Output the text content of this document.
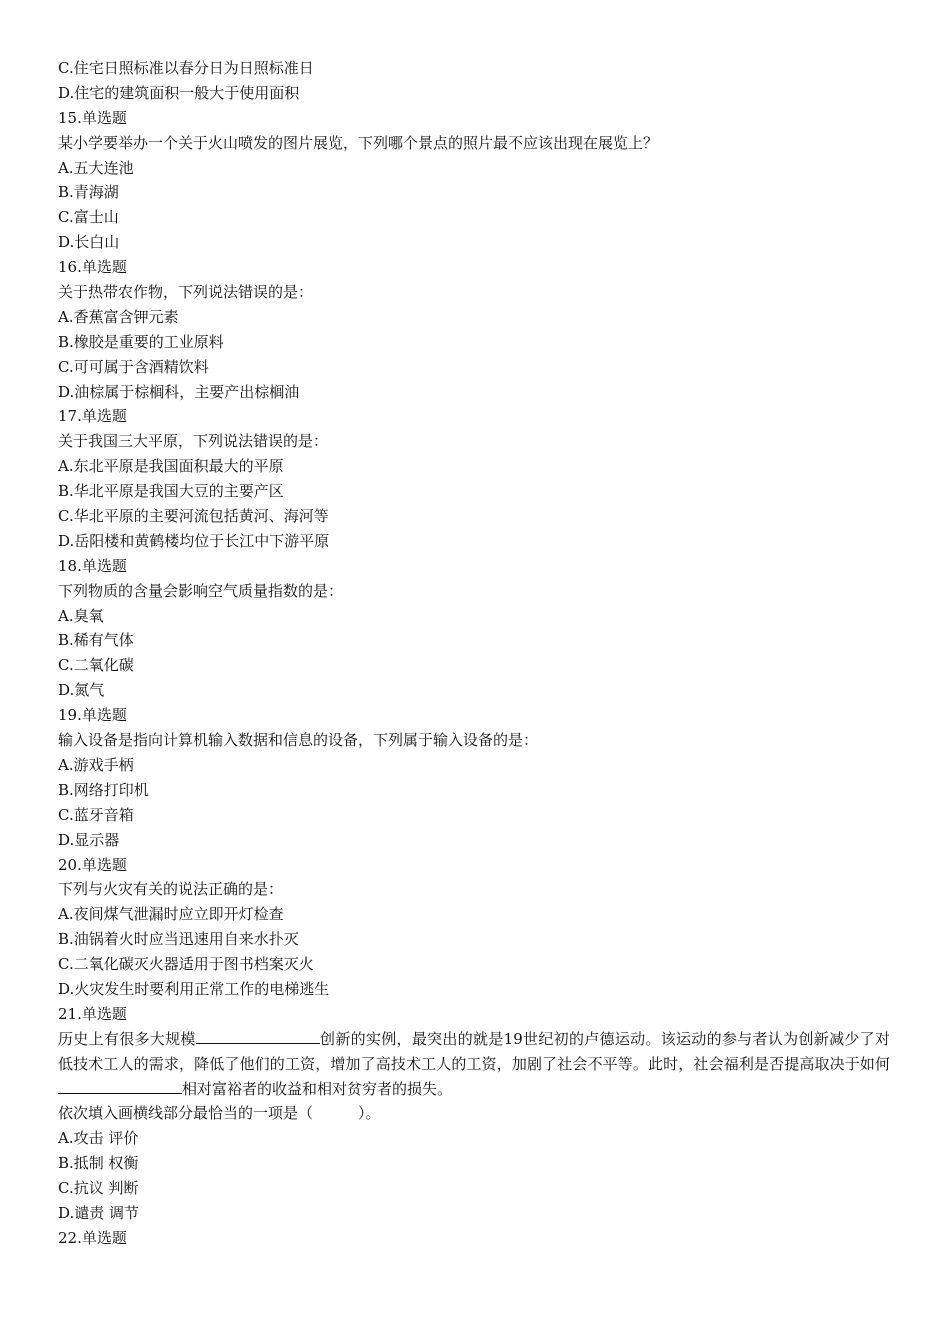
C.住宅日照标准以春分日为日照标准日
D.住宅的建筑面积一般大于使用面积
15.单选题
某小学要举办一个关于火山喷发的图片展览，下列哪个景点的照片最不应该出现在展览上？
A.五大连池
B.青海湖
C.富士山
D.长白山
16.单选题
关于热带农作物，下列说法错误的是：
A.香蕉富含钾元素
B.橡胶是重要的工业原料
C.可可属于含酒精饮料
D.油棕属于棕榈科，主要产出棕榈油
17.单选题
关于我国三大平原，下列说法错误的是：
A.东北平原是我国面积最大的平原
B.华北平原是我国大豆的主要产区
C.华北平原的主要河流包括黄河、海河等
D.岳阳楼和黄鹤楼均位于长江中下游平原
18.单选题
下列物质的含量会影响空气质量指数的是：
A.臭氧
B.稀有气体
C.二氧化碳
D.氮气
19.单选题
输入设备是指向计算机输入数据和信息的设备，下列属于输入设备的是：
A.游戏手柄
B.网络打印机
C.蓝牙音箱
D.显示器
20.单选题
下列与火灾有关的说法正确的是：
A.夜间煤气泄漏时应立即开灯检查
B.油锅着火时应当迅速用自来水扑灭
C.二氧化碳灭火器适用于图书档案灭火
D.火灾发生时要利用正常工作的电梯逃生
21.单选题
历史上有很多大规模	创新的实例，最突出的就是19世纪初的卢德运动。该运动的参与者认为创新减少了对低技术工人的需求，降低了他们的工资，增加了高技术工人的工资，加剧了社会不平等。此时，社会福利是否提高取决于如何相对富裕者的收益和相对贫穷者的损失。
依次填入画横线部分最恰当的一项是（　　　）。
A.攻击 评价
B.抵制 权衡
C.抗议 判断
D.谴责 调节
22.单选题
